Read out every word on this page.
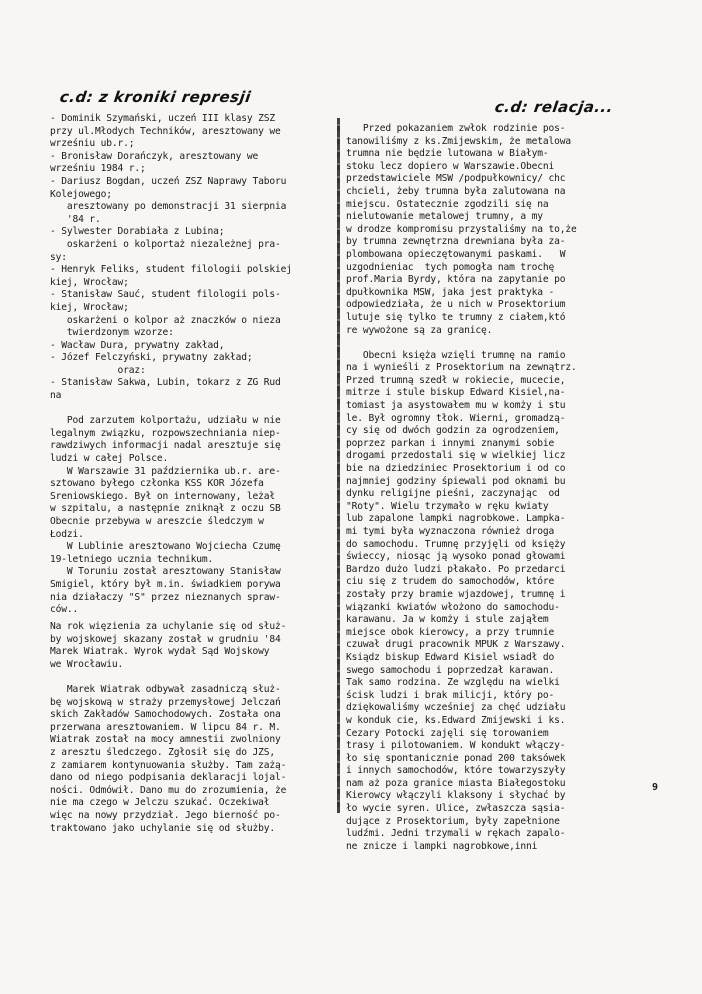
c.d: z kroniki represji
c.d: relacja...
- Dominik Szymański, uczeń III klasy ZSZ
przy ul.Młodych Techników, aresztowany we
wrześniu ub.r.;
- Bronisław Dorańczyk, aresztowany we
wrześniu 1984 r.;
- Dariusz Bogdan, uczeń ZSZ Naprawy Taboru
Kolejowego;
aresztowany po demonstracji 31 sierpnia
'84 r.
- Sylwester Dorabiała z Lubina;
oskarżeni o kolportaż niezależnej pra-
sy:
- Henryk Feliks, student filologii polskiej
kiej, Wrocław;
- Stanisław Sauć, student filologii pols-
kiej, Wrocław;
oskarżeni o kolpor aż znaczków o nieza
twierdzonym wzorze:
- Wacław Dura, prywatny zakład,
- Józef Felczyński, prywatny zakład;
oraz:
- Stanisław Sakwa, Lubin, tokarz z ZG Rud
na
Pod zarzutem kolportażu, udziału w nie
legalnym związku, rozpowszechniania niep-
rawdziwych informacji nadal aresztuje się
ludzi w całej Polsce.
W Warszawie 31 października ub.r. are-
sztowano byłego członka KSS KOR Józefa
Śreniowskiego. Był on internowany, leżał
w szpitalu, a następnie zniknął z oczu SB
Obecnie przebywa w areszcie śledczym w
Łodzi.
W Lublinie aresztowano Wojciecha Czumę
19-letniego ucznia technikum.
W Toruniu został aresztowany Stanisław
Śmigiel, który był m.in. świadkiem porywa
nia działaczy "S" przez nieznanych spraw-
ców..
Na rok więzienia za uchylanie się od służ-
by wojskowej skazany został w grudniu '84
Marek Wiatrak. Wyrok wydał Sąd Wojskowy
we Wrocławiu.
Marek Wiatrak odbywał zasadniczą służ-
bę wojskową w straży przemysłowej Jelczań
skich Zakładów Samochodowych. Została ona
przerwana aresztowaniem. W lipcu 84 r. M.
Wiatrak został na mocy amnestii zwolniony
z aresztu śledczego. Zgłosił się do JZS,
z zamiarem kontynuowania służby. Tam zażą-
dano od niego podpisania deklaracji lojal-
ności. Odmówił. Dano mu do zrozumienia, że
nie ma czego w Jelczu szukać. Oczekiwał
więc na nowy przydział. Jego bierność po-
traktowano jako uchylanie się od służby.
Przed pokazaniem zwłok rodzinie pos-
tanowiliśmy z ks.Żmijewskim, że metalowa
trumna nie będzie lutowana w Białym-
stoku lecz dopiero w Warszawie.Obecni
przedstawiciele MSW /podpułkownicy/ chc
chcieli, żeby trumna była zalutowana na
miejscu. Ostatecznie zgodzili się na
nielutowanie metalowej trumny, a my
w drodze kompromisu przystaliśmy na to,że
by trumna zewnętrzna drewniana była za-
plombowana opieczętowanymi paskami.   W
uzgodnieniac  tych pomogła nam trochę
prof.Maria Byrdy, która na zapytanie po
dpułkownika MSW, jaka jest praktyka -
odpowiedziała, że u nich w Prosektorium
lutuje się tylko te trumny z ciałem,któ
re wywożone są za granicę.
Obecni księża wzięli trumnę na ramio
na i wynieśli z Prosektorium na zewnątrz.
Przed trumną szedł w rokiecie, mucecie,
mitrze i stule biskup Edward Kisiel,na-
tomiast ja asystowałem mu w komży i stu
le. Był ogromny tłok. Wierni, gromadzą-
cy się od dwóch godzin za ogrodzeniem,
poprzez parkan i innymi znanymi sobie
drogami przedostali się w wielkiej licz
bie na dziedziniec Prosektorium i od co
najmniej godziny śpiewali pod oknami bu
dynku religijne pieśni, zaczynając  od
"Roty". Wielu trzymało w ręku kwiaty
lub zapalone lampki nagrobkowe. Lampka-
mi tymi była wyznaczona również droga
do samochodu. Trumnę przyjęli od księży
świeccy, niosąc ją wysoko ponad głowami
Bardzo dużo ludzi płakało. Po przedarci
ciu się z trudem do samochodów, które
zostały przy bramie wjazdowej, trumnę i
wiązanki kwiatów włożono do samochodu-
karawanu. Ja w komży i stule zająłem
miejsce obok kierowcy, a przy trumnie
czuwał drugi pracownik MPUK z Warszawy.
Ksiądz biskup Edward Kisiel wsiadł do
swego samochodu i poprzedzał karawan.
Tak samo rodzina. Ze względu na wielki
ścisk ludzi i brak milicji, który po-
dziękowaliśmy wcześniej za chęć udziału
w konduk cie, ks.Edward Żmijewski i ks.
Cezary Potocki zajęli się torowaniem
trasy i pilotowaniem. W kondukt włączy-
ło się spontanicznie ponad 200 taksówek
i innych samochodów, które towarzyszyły
nam aż poza granice miasta Białegostoku
Kierowcy włączyli klaksony i słychać by
ło wycie syren. Ulice, zwłaszcza sąsia-
dujące z Prosektorium, były zapełnione
ludźmi. Jedni trzymali w rękach zapalo-
ne znicze i lampki nagrobkowe,inni
9
